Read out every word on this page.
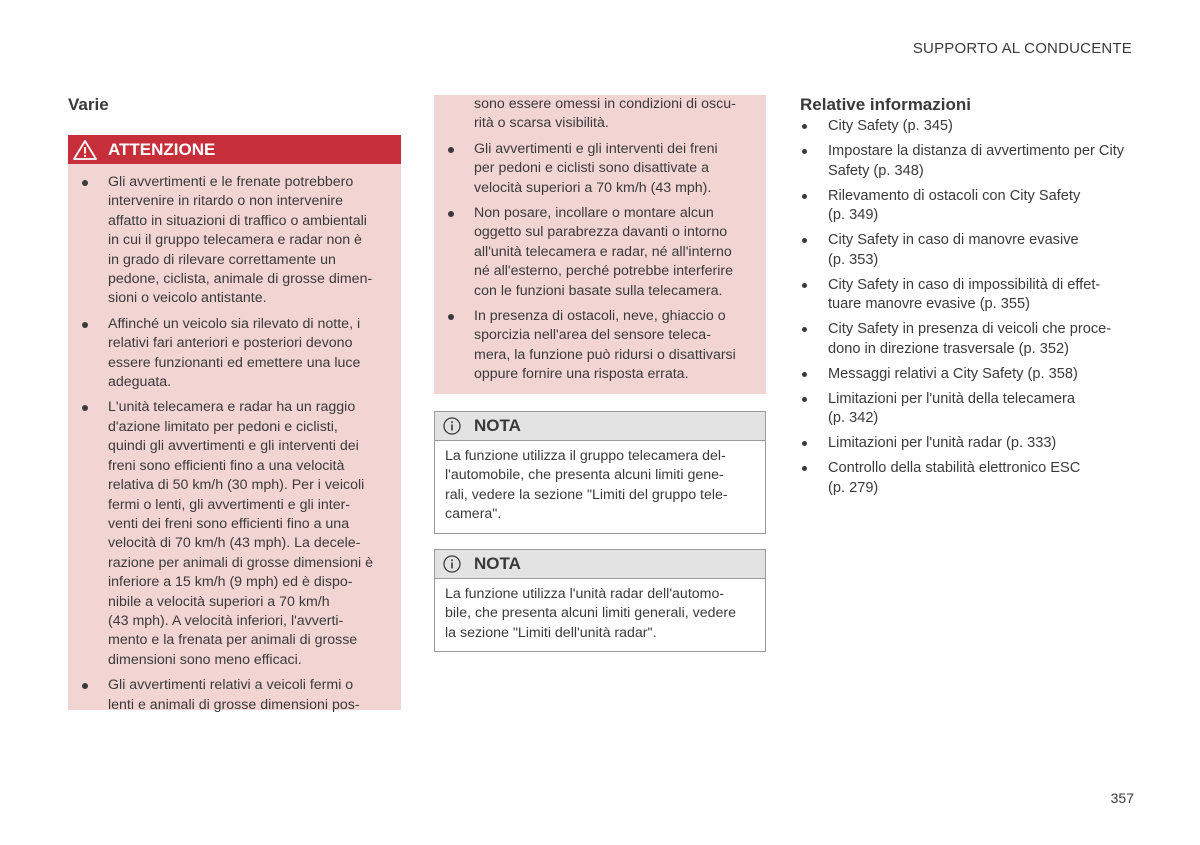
SUPPORTO AL CONDUCENTE
Varie
ATTENZIONE
Gli avvertimenti e le frenate potrebbero
intervenire in ritardo o non intervenire
affatto in situazioni di traffico o ambientali
in cui il gruppo telecamera e radar non è
in grado di rilevare correttamente un
pedone, ciclista, animale di grosse dimen-
sioni o veicolo antistante.
Affinché un veicolo sia rilevato di notte, i
relativi fari anteriori e posteriori devono
essere funzionanti ed emettere una luce
adeguata.
L'unità telecamera e radar ha un raggio
d'azione limitato per pedoni e ciclisti,
quindi gli avvertimenti e gli interventi dei
freni sono efficienti fino a una velocità
relativa di 50 km/h (30 mph). Per i veicoli
fermi o lenti, gli avvertimenti e gli inter-
venti dei freni sono efficienti fino a una
velocità di 70 km/h (43 mph). La decele-
razione per animali di grosse dimensioni è
inferiore a 15 km/h (9 mph) ed è dispo-
nibile a velocità superiori a 70 km/h
(43 mph). A velocità inferiori, l'avverti-
mento e la frenata per animali di grosse
dimensioni sono meno efficaci.
Gli avvertimenti relativi a veicoli fermi o
lenti e animali di grosse dimensioni pos-
sono essere omessi in condizioni di oscu-
rità o scarsa visibilità.
Gli avvertimenti e gli interventi dei freni
per pedoni e ciclisti sono disattivate a
velocità superiori a 70 km/h (43 mph).
Non posare, incollare o montare alcun
oggetto sul parabrezza davanti o intorno
all'unità telecamera e radar, né all'interno
né all'esterno, perché potrebbe interferire
con le funzioni basate sulla telecamera.
In presenza di ostacoli, neve, ghiaccio o
sporcizia nell'area del sensore teleca-
mera, la funzione può ridursi o disattivarsi
oppure fornire una risposta errata.
NOTA
La funzione utilizza il gruppo telecamera del-
l'automobile, che presenta alcuni limiti gene-
rali, vedere la sezione "Limiti del gruppo tele-
camera".
NOTA
La funzione utilizza l'unità radar dell'automo-
bile, che presenta alcuni limiti generali, vedere
la sezione "Limiti dell'unità radar".
Relative informazioni
City Safety (p. 345)
Impostare la distanza di avvertimento per City
Safety (p. 348)
Rilevamento di ostacoli con City Safety
(p. 349)
City Safety in caso di manovre evasive
(p. 353)
City Safety in caso di impossibilità di effet-
tuare manovre evasive (p. 355)
City Safety in presenza di veicoli che proce-
dono in direzione trasversale (p. 352)
Messaggi relativi a City Safety (p. 358)
Limitazioni per l'unità della telecamera
(p. 342)
Limitazioni per l'unità radar (p. 333)
Controllo della stabilità elettronico ESC
(p. 279)
357
